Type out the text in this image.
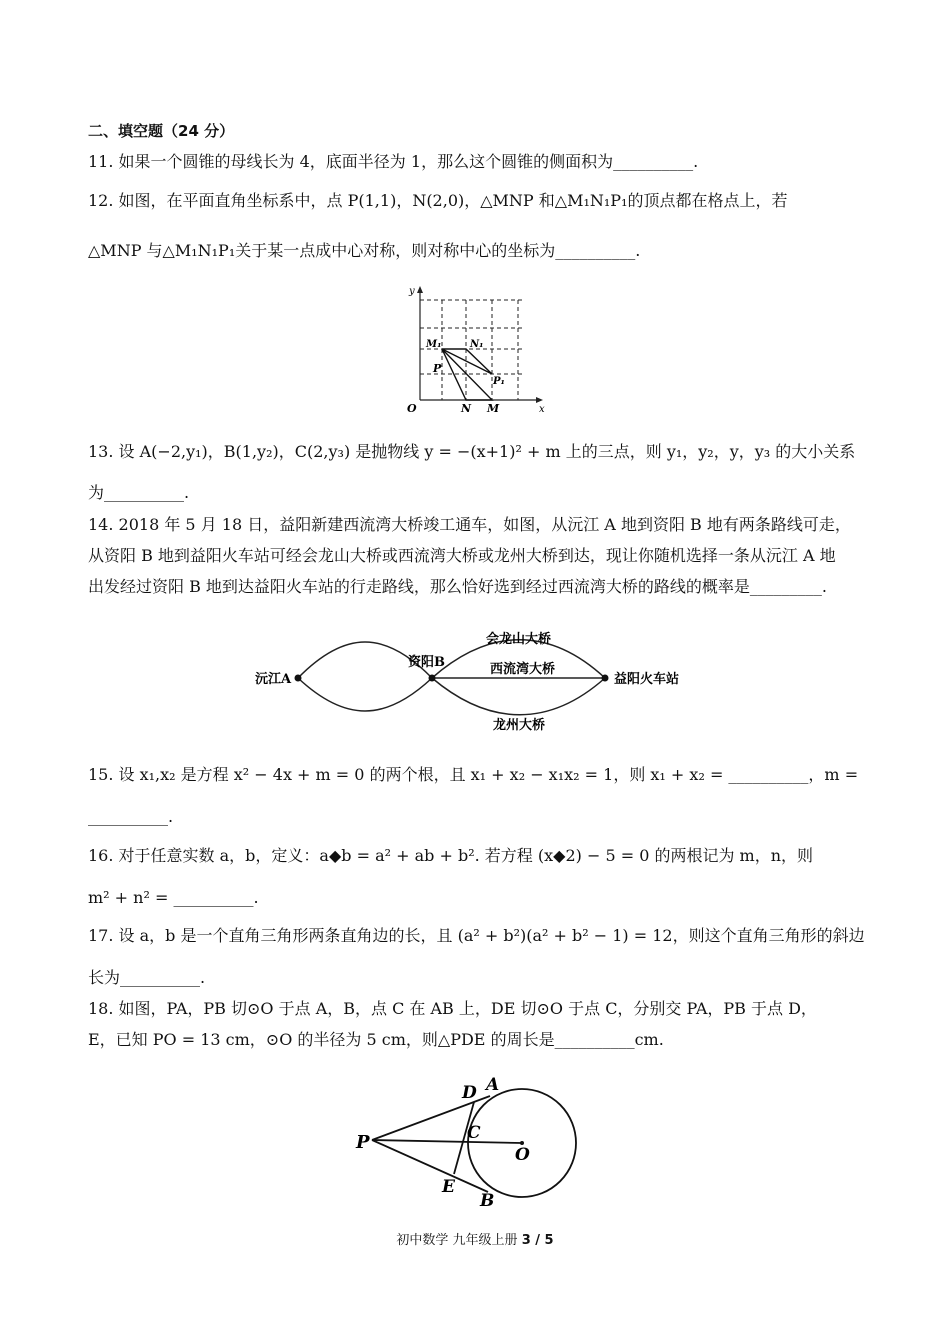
二、填空题（24 分）
11. 如果一个圆锥的母线长为 4，底面半径为 1，那么这个圆锥的侧面积为__________.
12. 如图，在平面直角坐标系中，点 P(1,1)，N(2,0)，△MNP 和△M₁N₁P₁的顶点都在格点上，若
△MNP 与△M₁N₁P₁关于某一点成中心对称，则对称中心的坐标为__________.
y
x
O	N M
P
M₁	N₁
P₁
13. 设 A(−2,y₁)，B(1,y₂)，C(2,y₃) 是抛物线 y = −(x+1)² + m 上的三点，则 y₁，y₂，y，y₃ 的大小关系
为__________.
14. 2018 年 5 月 18 日，益阳新建西流湾大桥竣工通车，如图，从沅江 A 地到资阳 B 地有两条路线可走，
从资阳 B 地到益阳火车站可经会龙山大桥或西流湾大桥或龙州大桥到达，现让你随机选择一条从沅江 A 地
出发经过资阳 B 地到达益阳火车站的行走路线，那么恰好选到经过西流湾大桥的路线的概率是_________.
沅江A
资阳B
益阳火车站
会龙山大桥
西流湾大桥
龙州大桥
15. 设 x₁,x₂ 是方程 x² − 4x + m = 0 的两个根，且 x₁ + x₂ − x₁x₂ = 1，则 x₁ + x₂ = __________，m =
__________.
16. 对于任意实数 a，b，定义：a◆b = a² + ab + b². 若方程 (x◆2) − 5 = 0 的两根记为 m，n，则
m² + n² = __________.
17. 设 a，b 是一个直角三角形两条直角边的长，且 (a² + b²)(a² + b² − 1) = 12，则这个直角三角形的斜边
长为__________.
18. 如图，PA，PB 切⊙O 于点 A，B，点 C 在 AB 上，DE 切⊙O 于点 C，分别交 PA，PB 于点 D，
E，已知 PO = 13 cm，⊙O 的半径为 5 cm，则△PDE 的周长是__________cm.
P
D A
C
O
E
B
初中数学 九年级上册 3 / 5
